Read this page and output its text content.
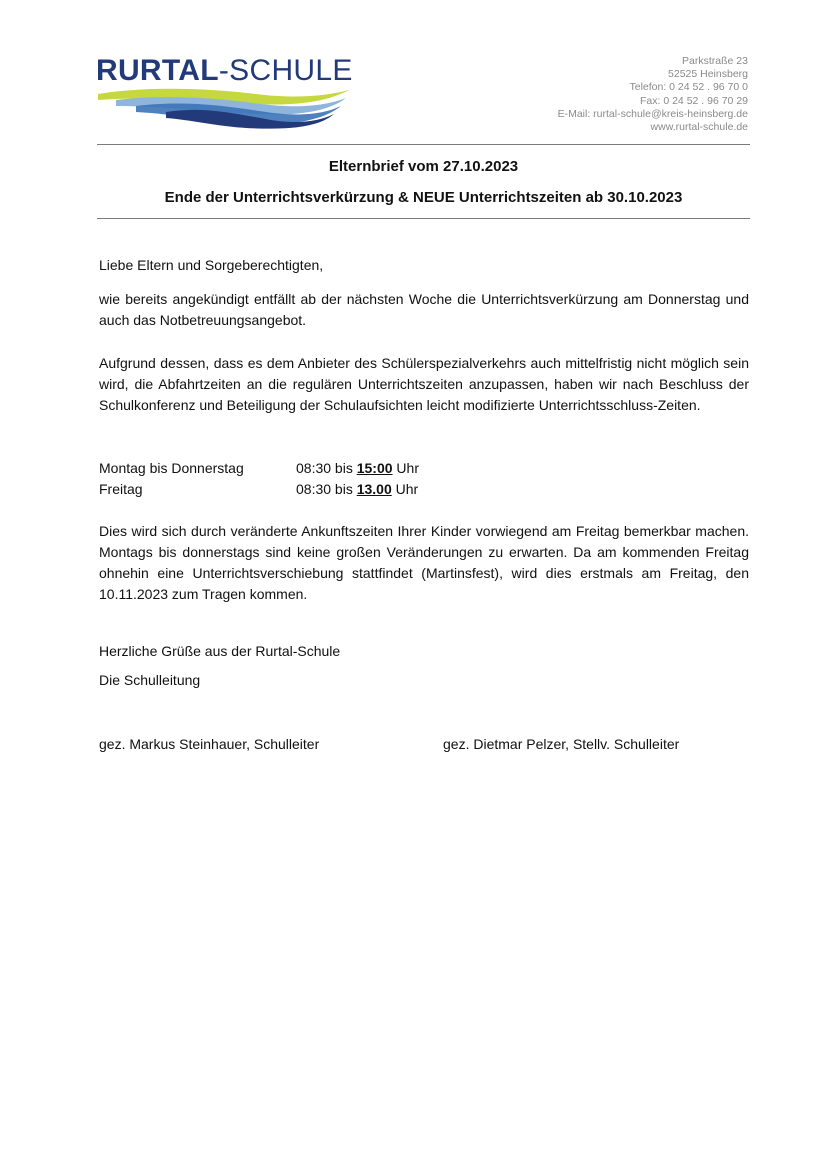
RURTAL-SCHULE	Parkstraße 23
52525 Heinsberg
Telefon: 0 24 52 . 96 70 0
Fax: 0 24 52 . 96 70 29
E-Mail: rurtal-schule@kreis-heinsberg.de
www.rurtal-schule.de
Elternbrief vom 27.10.2023
Ende der Unterrichtsverkürzung & NEUE Unterrichtszeiten ab 30.10.2023
Liebe Eltern und Sorgeberechtigten,
wie bereits angekündigt entfällt ab der nächsten Woche die Unterrichtsverkürzung am Donnerstag und auch das Notbetreuungsangebot.
Aufgrund dessen, dass es dem Anbieter des Schülerspezialverkehrs auch mittelfristig nicht möglich sein wird, die Abfahrtzeiten an die regulären Unterrichtszeiten anzupassen, haben wir nach Beschluss der Schulkonferenz und Beteiligung der Schulaufsichten leicht modifizierte Unterrichtsschluss-Zeiten.
Montag bis Donnerstag	08:30 bis 15:00 Uhr
Freitag	08:30 bis 13.00 Uhr
Dies wird sich durch veränderte Ankunftszeiten Ihrer Kinder vorwiegend am Freitag bemerkbar machen. Montags bis donnerstags sind keine großen Veränderungen zu erwarten. Da am kommenden Freitag ohnehin eine Unterrichtsverschiebung stattfindet (Martinsfest), wird dies erstmals am Freitag, den 10.11.2023 zum Tragen kommen.
Herzliche Grüße aus der Rurtal-Schule
Die Schulleitung
gez. Markus Steinhauer, Schulleiter	gez. Dietmar Pelzer, Stellv. Schulleiter
